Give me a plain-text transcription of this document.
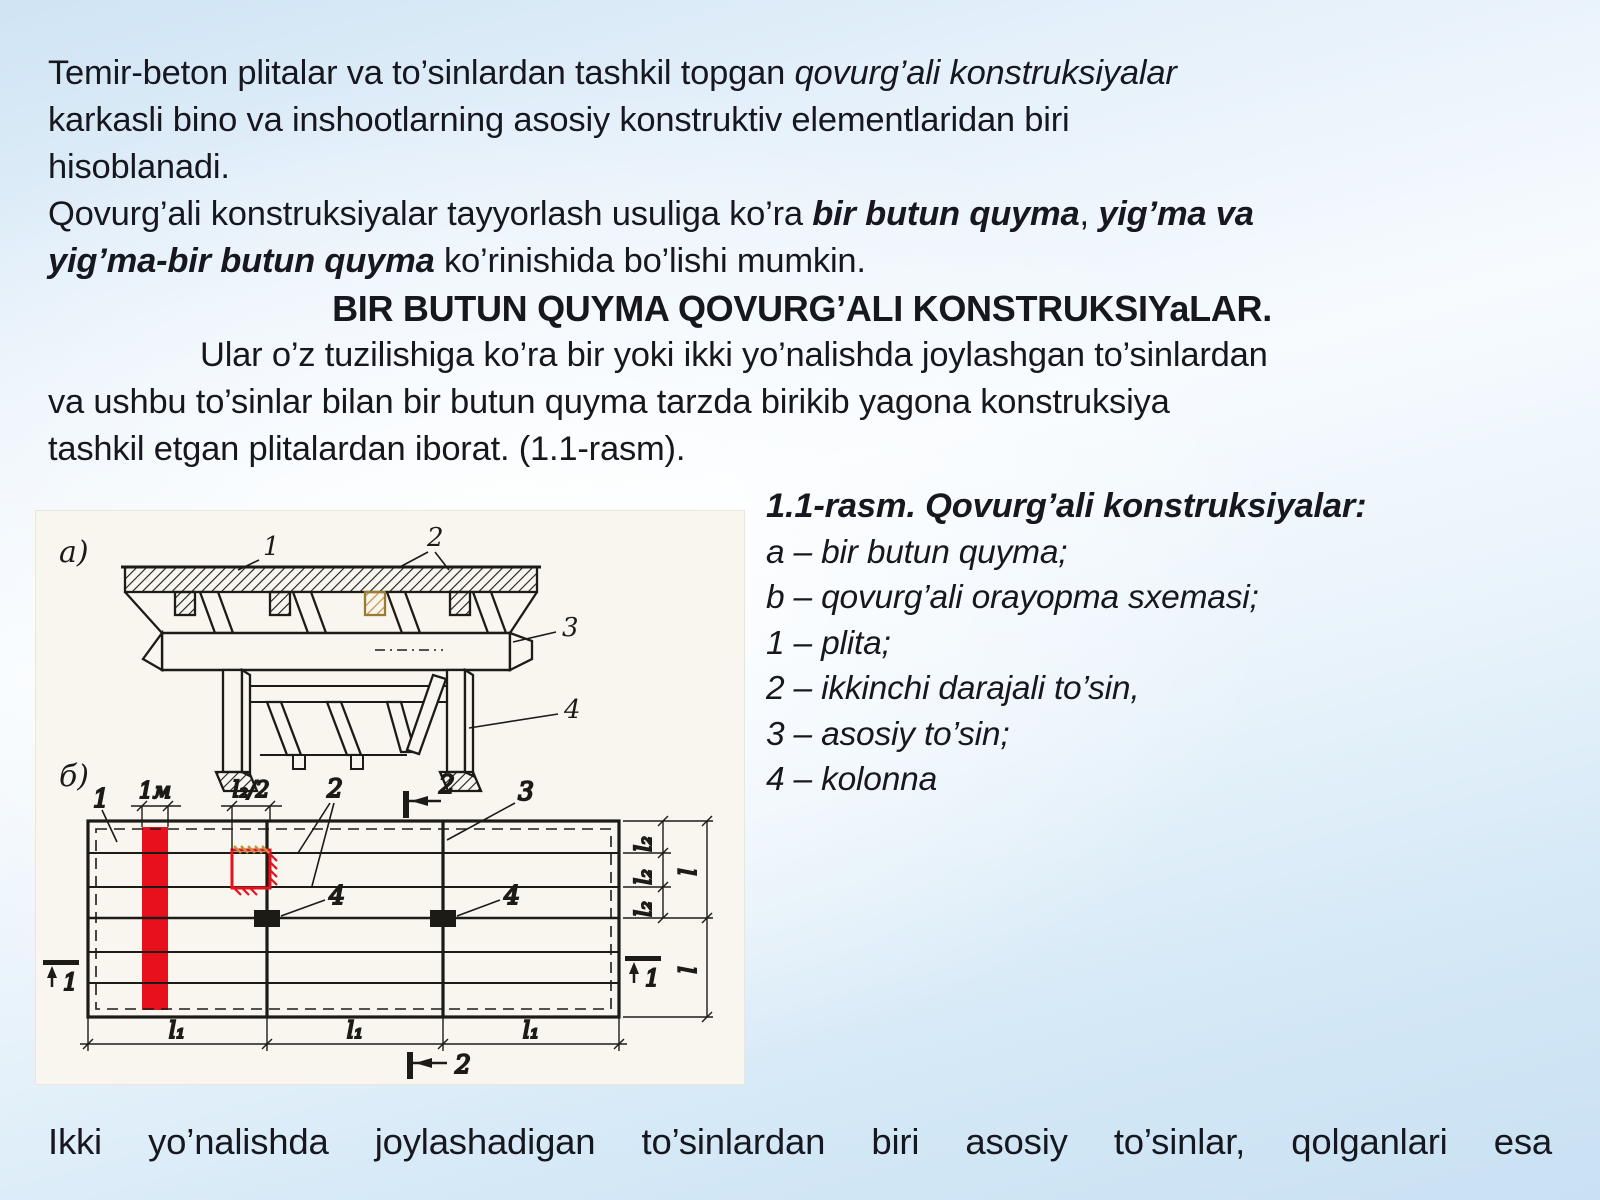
Temir-beton plitalar va to’sinlardan tashkil topgan qovurg’ali konstruksiyalar
karkasli bino va inshootlarning asosiy konstruktiv elementlaridan biri
hisoblanadi.
Qovurg’ali konstruksiyalar tayyorlash usuliga ko’ra bir butun quyma, yig’ma va
yig’ma-bir butun quyma ko’rinishida bo’lishi mumkin.
BIR BUTUN QUYMA QOVURG’ALI KONSTRUKSIYaLAR.
Ular o’z tuzilishiga ko’ra bir yoki ikki yo’nalishda joylashgan to’sinlardan
va ushbu to’sinlar bilan bir butun quyma tarzda birikib yagona konstruksiya
tashkil etgan plitalardan iborat. (1.1-rasm).
a)	1	2
3
4
б) 1м	l₂/2
1	2	3
4	4
2
l₁	l₁	l₁
2
1	1
l₂
l₂
l₂
l
l
1.1-rasm. Qovurg’ali konstruksiyalar:
a – bir butun quyma;
b – qovurg’ali orayopma sxemasi;
1 – plita;
2 – ikkinchi darajali to’sin,
3 – asosiy to’sin;
4 – kolonna
Ikki yo’nalishda joylashadigan to’sinlardan biri asosiy to’sinlar, qolganlari esa
